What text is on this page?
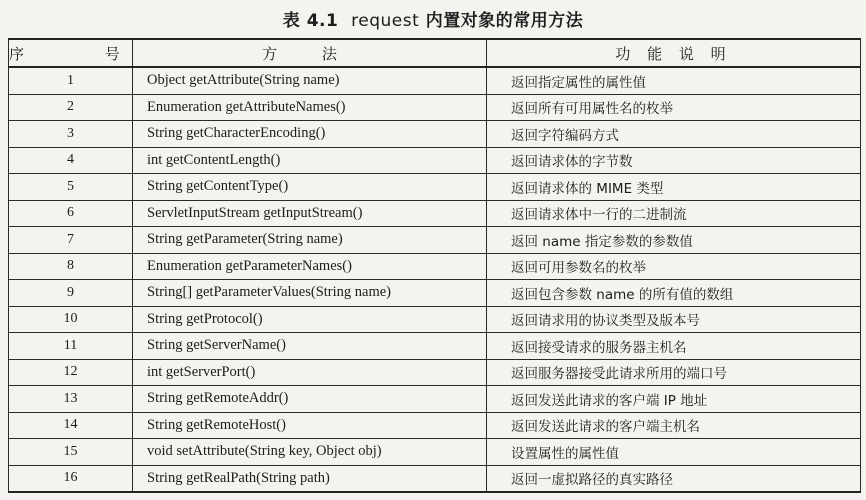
表 4.1 request 内置对象的常用方法
序 号	方 法	功 能 说 明
1	Object getAttribute(String name)	返回指定属性的属性值
2	Enumeration getAttributeNames()	返回所有可用属性名的枚举
3	String getCharacterEncoding()	返回字符编码方式
4	int getContentLength()	返回请求体的字节数
5	String getContentType()	返回请求体的 MIME 类型
6	ServletInputStream getInputStream()	返回请求体中一行的二进制流
7	String getParameter(String name)	返回 name 指定参数的参数值
8	Enumeration getParameterNames()	返回可用参数名的枚举
9	String[] getParameterValues(String name)	返回包含参数 name 的所有值的数组
10	String getProtocol()	返回请求用的协议类型及版本号
11	String getServerName()	返回接受请求的服务器主机名
12	int getServerPort()	返回服务器接受此请求所用的端口号
13	String getRemoteAddr()	返回发送此请求的客户端 IP 地址
14	String getRemoteHost()	返回发送此请求的客户端主机名
15	void setAttribute(String key, Object obj)	设置属性的属性值
16	String getRealPath(String path)	返回一虚拟路径的真实路径
